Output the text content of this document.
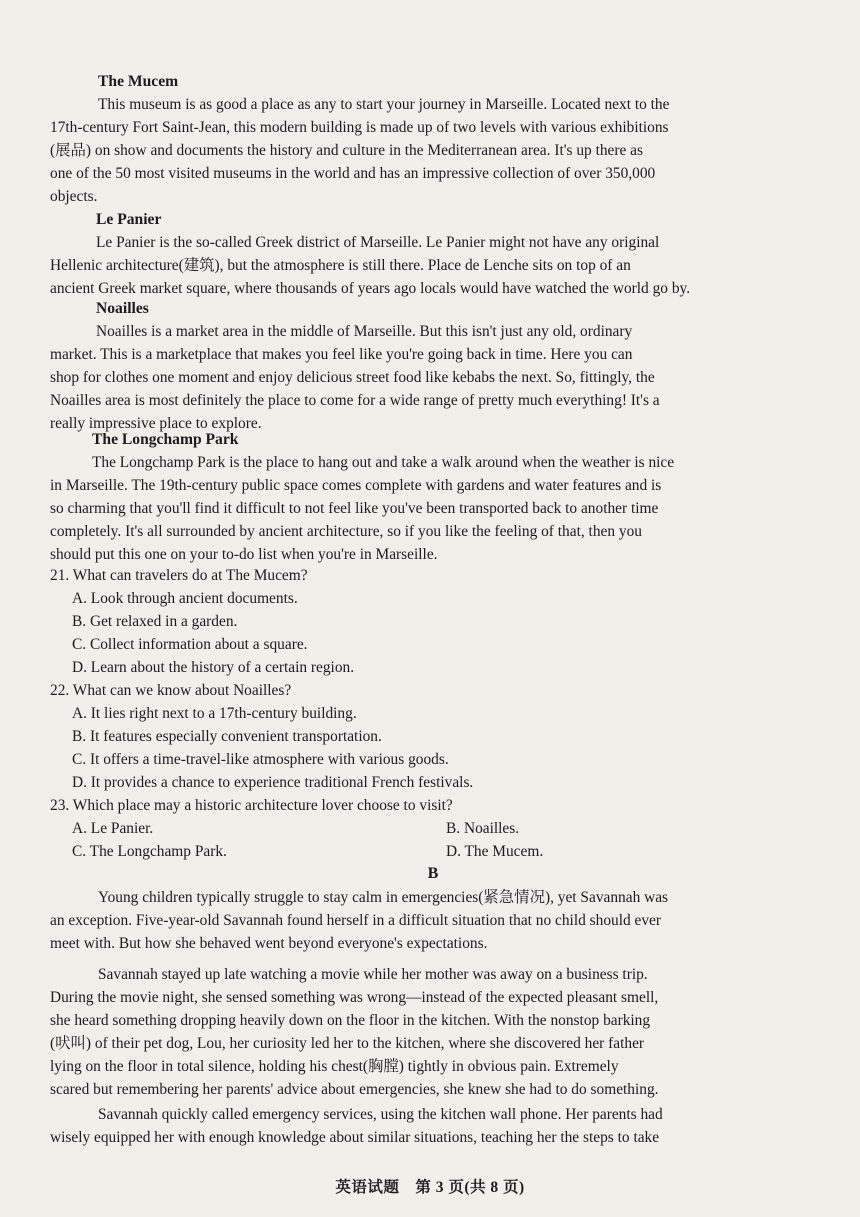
The Mucem
This museum is as good a place as any to start your journey in Marseille. Located next to the
17th-century Fort Saint-Jean, this modern building is made up of two levels with various exhibitions
(展品) on show and documents the history and culture in the Mediterranean area. It's up there as
one of the 50 most visited museums in the world and has an impressive collection of over 350,000
objects.
Le Panier
Le Panier is the so-called Greek district of Marseille. Le Panier might not have any original
Hellenic architecture(建筑), but the atmosphere is still there. Place de Lenche sits on top of an
ancient Greek market square, where thousands of years ago locals would have watched the world go by.
Noailles
Noailles is a market area in the middle of Marseille. But this isn't just any old, ordinary
market. This is a marketplace that makes you feel like you're going back in time. Here you can
shop for clothes one moment and enjoy delicious street food like kebabs the next. So, fittingly, the
Noailles area is most definitely the place to come for a wide range of pretty much everything! It's a
really impressive place to explore.
The Longchamp Park
The Longchamp Park is the place to hang out and take a walk around when the weather is nice
in Marseille. The 19th-century public space comes complete with gardens and water features and is
so charming that you'll find it difficult to not feel like you've been transported back to another time
completely. It's all surrounded by ancient architecture, so if you like the feeling of that, then you
should put this one on your to-do list when you're in Marseille.
21. What can travelers do at The Mucem?
A. Look through ancient documents.
B. Get relaxed in a garden.
C. Collect information about a square.
D. Learn about the history of a certain region.
22. What can we know about Noailles?
A. It lies right next to a 17th-century building.
B. It features especially convenient transportation.
C. It offers a time-travel-like atmosphere with various goods.
D. It provides a chance to experience traditional French festivals.
23. Which place may a historic architecture lover choose to visit?
A. Le Panier.	B. Noailles.
C. The Longchamp Park.	D. The Mucem.
B
Young children typically struggle to stay calm in emergencies(紧急情况), yet Savannah was
an exception. Five-year-old Savannah found herself in a difficult situation that no child should ever
meet with. But how she behaved went beyond everyone's expectations.
Savannah stayed up late watching a movie while her mother was away on a business trip.
During the movie night, she sensed something was wrong—instead of the expected pleasant smell,
she heard something dropping heavily down on the floor in the kitchen. With the nonstop barking
(吠叫) of their pet dog, Lou, her curiosity led her to the kitchen, where she discovered her father
lying on the floor in total silence, holding his chest(胸膛) tightly in obvious pain. Extremely
scared but remembering her parents' advice about emergencies, she knew she had to do something.
Savannah quickly called emergency services, using the kitchen wall phone. Her parents had
wisely equipped her with enough knowledge about similar situations, teaching her the steps to take
英语试题　第 3 页(共 8 页)
